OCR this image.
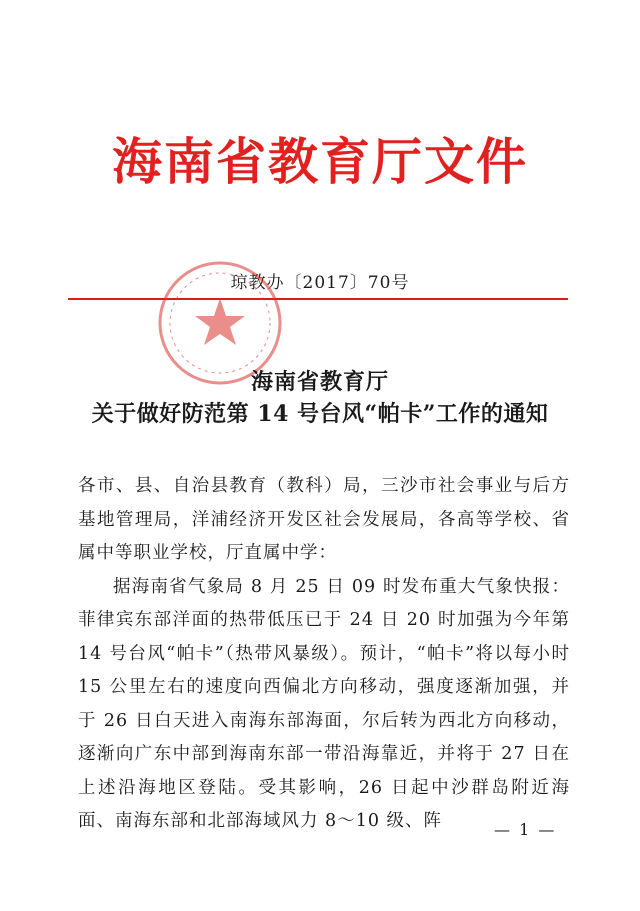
海南省教育厅文件
琼教办〔2017〕70号
海南省教育厅
关于做好防范第 14 号台风“帕卡”工作的通知

各市、县、自治县教育（教科）局，三沙市社会事业与后方基地管理局，洋浦经济开发区社会发展局，各高等学校、省属中等职业学校，厅直属中学：

据海南省气象局 8 月 25 日 09 时发布重大气象快报：菲律宾东部洋面的热带低压已于 24 日 20 时加强为今年第 14 号台风“帕卡”（热带风暴级）。预计，“帕卡”将以每小时 15 公里左右的速度向西偏北方向移动，强度逐渐加强，并于 26 日白天进入南海东部海面，尔后转为西北方向移动，逐渐向广东中部到海南东部一带沿海靠近，并将于 27 日在上述沿海地区登陆。受其影响，26 日起中沙群岛附近海面、南海东部和北部海域风力 8～10 级、阵	— 1 —
